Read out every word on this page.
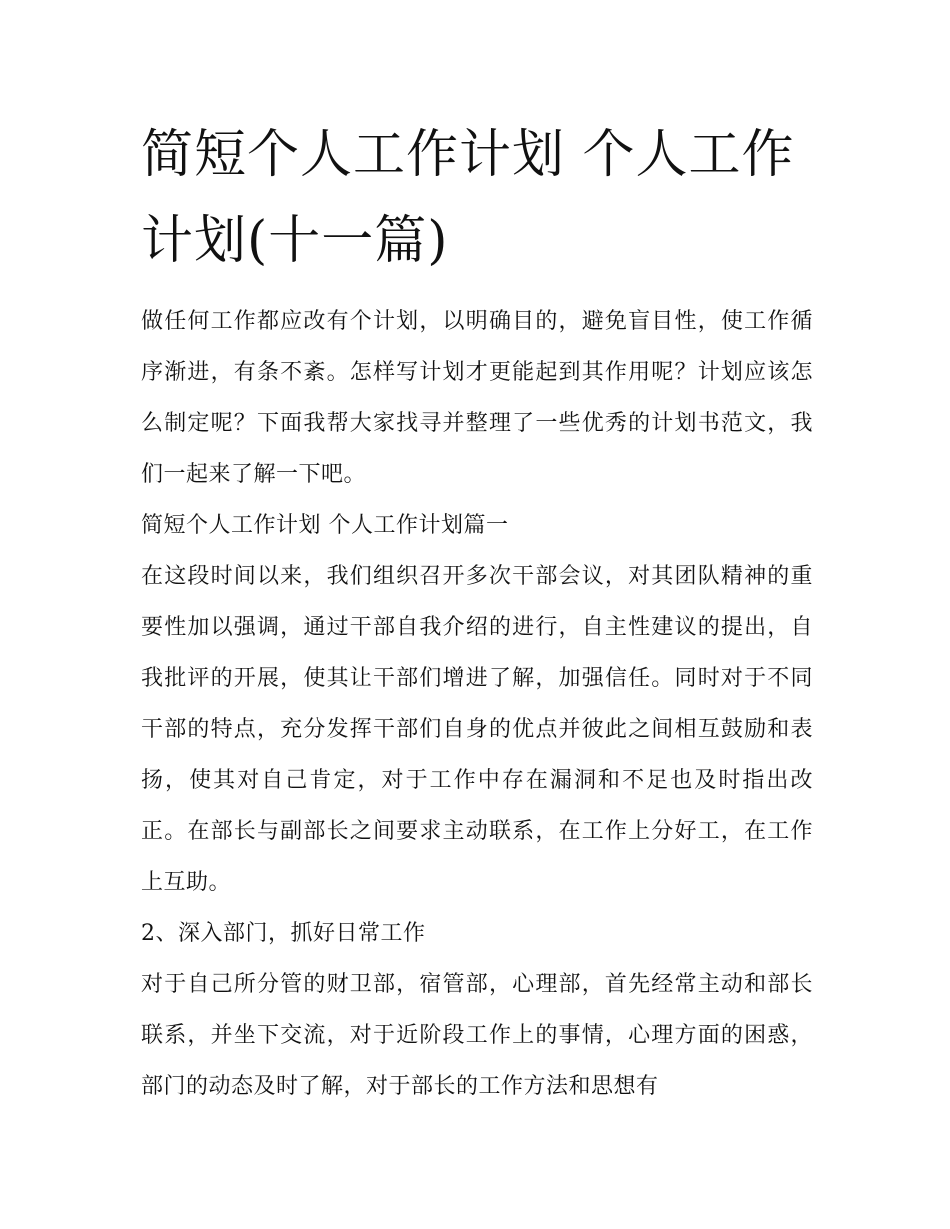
简短个人工作计划 个人工作计划(十一篇)

做任何工作都应改有个计划，以明确目的，避免盲目性，使工作循序渐进，有条不紊。怎样写计划才更能起到其作用呢？计划应该怎么制定呢？下面我帮大家找寻并整理了一些优秀的计划书范文，我们一起来了解一下吧。

简短个人工作计划 个人工作计划篇一

在这段时间以来，我们组织召开多次干部会议，对其团队精神的重要性加以强调，通过干部自我介绍的进行，自主性建议的提出，自我批评的开展，使其让干部们增进了解，加强信任。同时对于不同干部的特点，充分发挥干部们自身的优点并彼此之间相互鼓励和表扬，使其对自己肯定，对于工作中存在漏洞和不足也及时指出改正。在部长与副部长之间要求主动联系，在工作上分好工，在工作上互助。

2、深入部门，抓好日常工作

对于自己所分管的财卫部，宿管部，心理部，首先经常主动和部长联系，并坐下交流，对于近阶段工作上的事情，心理方面的困惑，部门的动态及时了解，对于部长的工作方法和思想有
